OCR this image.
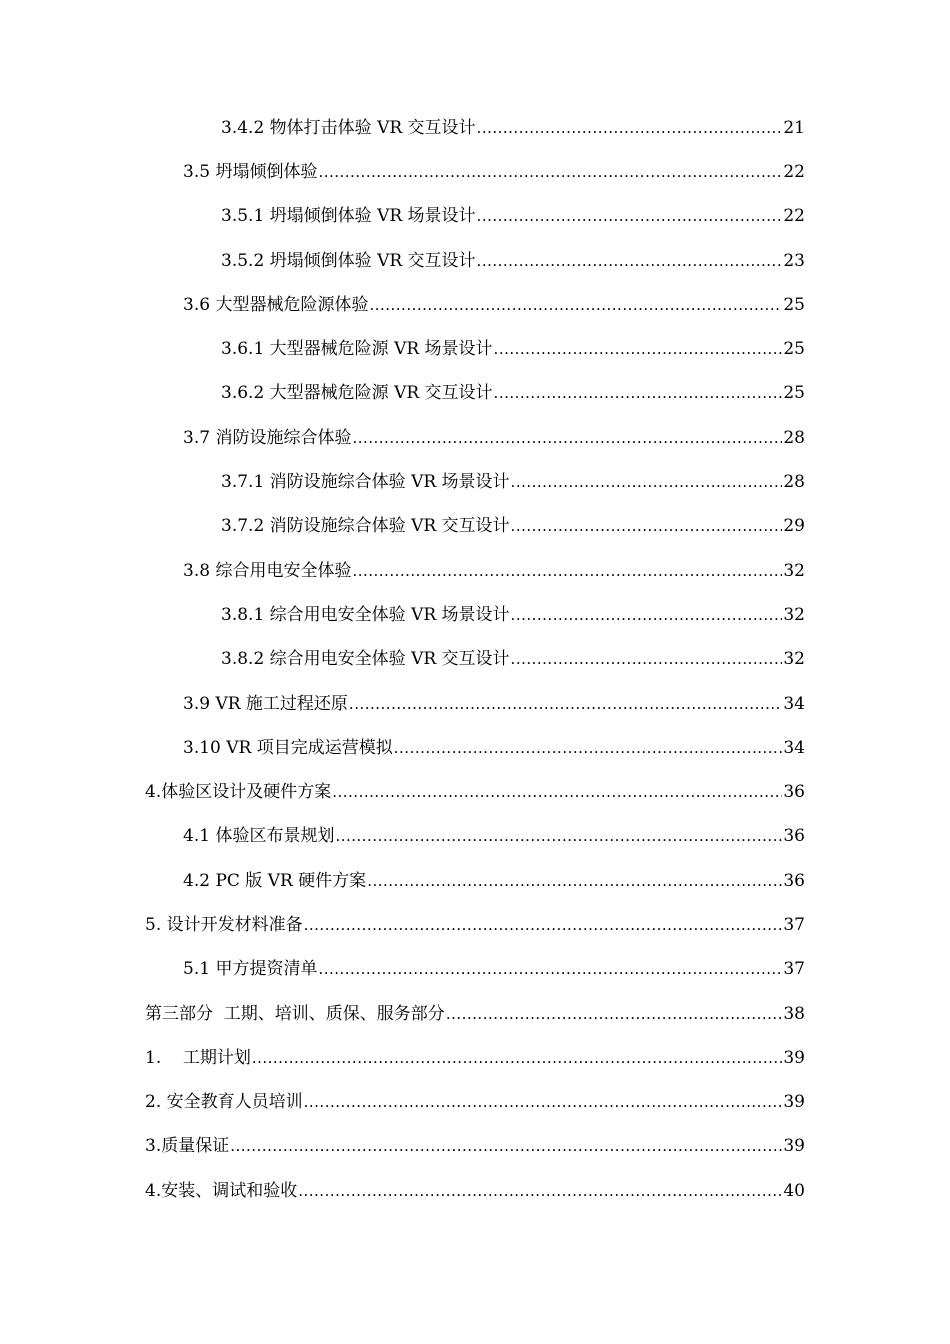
3.4.2 物体打击体验 VR 交互设计 .....	21
3.5 坍塌倾倒体验 .....	22
3.5.1 坍塌倾倒体验 VR 场景设计 .....	22
3.5.2 坍塌倾倒体验 VR 交互设计 .....	23
3.6 大型器械危险源体验 .....	25
3.6.1 大型器械危险源 VR 场景设计 .....	25
3.6.2 大型器械危险源 VR 交互设计 .....	25
3.7 消防设施综合体验 .....	28
3.7.1 消防设施综合体验 VR 场景设计 .....	28
3.7.2 消防设施综合体验 VR 交互设计 .....	29
3.8 综合用电安全体验 .....	32
3.8.1 综合用电安全体验 VR 场景设计 .....	32
3.8.2 综合用电安全体验 VR 交互设计 .....	32
3.9 VR 施工过程还原 .....	34
3.10 VR 项目完成运营模拟 .....	34
4.体验区设计及硬件方案 .....	36
4.1 体验区布景规划 .....	36
4.2 PC 版 VR 硬件方案 .....	36
5. 设计开发材料准备 .....	37
5.1 甲方提资清单 .....	37
第三部分  工期、培训、质保、服务部分 .....	38
1.    工期计划 .....	39
2. 安全教育人员培训 .....	39
3.质量保证 .....	39
4.安装、调试和验收 .....	40
